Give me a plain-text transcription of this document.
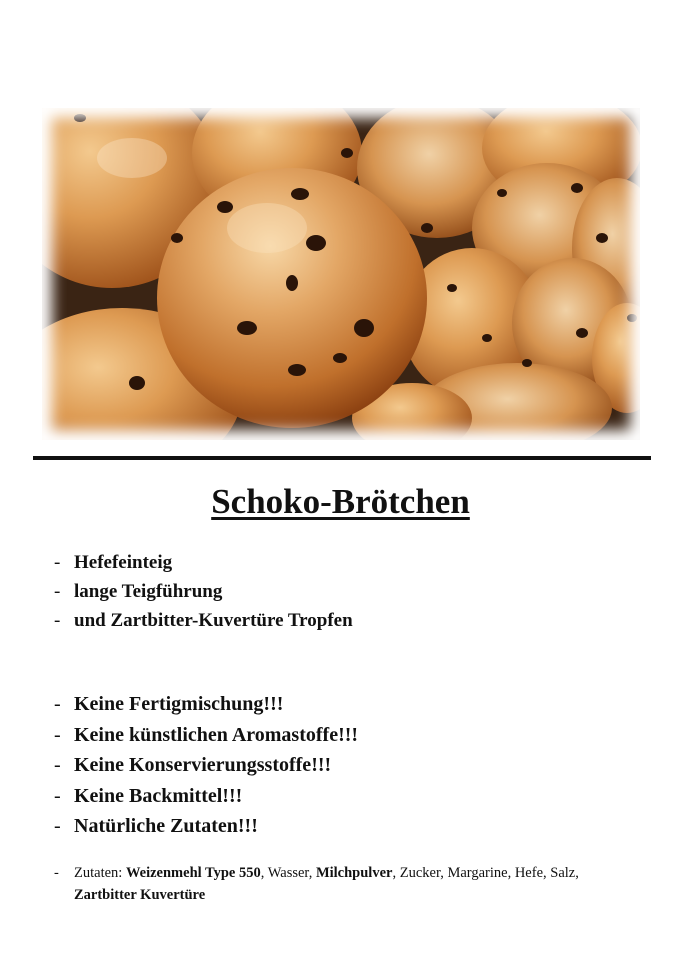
Schoko-Brötchen
- Hefefeinteig
- lange Teigführung
- und Zartbitter-Kuvertüre Tropfen
- Keine Fertigmischung!!!
- Keine künstlichen Aromastoffe!!!
- Keine Konservierungsstoffe!!!
- Keine Backmittel!!!
- Natürliche Zutaten!!!
-	Zutaten: Weizenmehl Type 550, Wasser, Milchpulver, Zucker, Margarine, Hefe, Salz,
Zartbitter Kuvertüre
